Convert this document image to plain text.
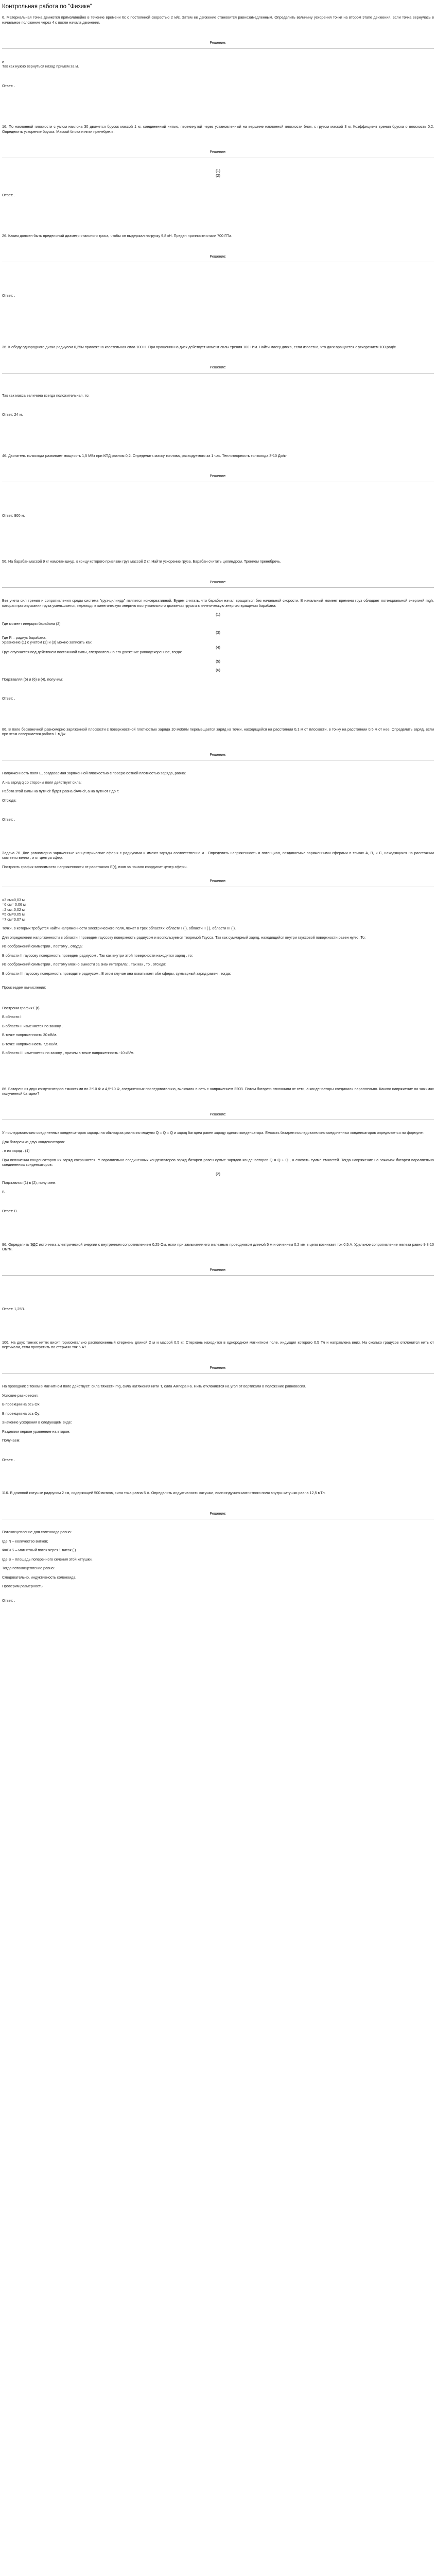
Контрольная работа по "Физике"

6. Материальная точка движется прямолинейно в течение времени 6с с постоянной скоростью 2 м/с. Затем ее движение становится равнозамедленным. Определить величину ускорения точки на втором этапе движения, если точка вернулась в начальное положение через 4 с после начала движения.

Решение:

и

Так как нужно вернуться назад примем за м.

Ответ: .

16. По наклонной плоскости с углом наклона 30 движется брусок массой 1 кг, соединенный нитью, перекинутой через установленный на вершине наклонной плоскости блок, с грузом массой 3 кг. Коэффициент трения бруска о плоскость 0,2. Определить ускорение бруска. Массой блока и нити пренебречь.

Решение:

(1)

(2)

Ответ: .

26. Каким должен быть предельный диаметр стального троса, чтобы он выдержал нагрузку 9,8 кН. Предел прочности стали 700 ГПа.

Решение:

Ответ: .

36. К ободу однородного диска радиусом 0,25м приложена касательная сила 100 Н. При вращении на диск действует момент силы трения 100 Н*м. Найти массу диска, если известно, что диск вращается с ускорением 100 рад/с .

Решение:

Так как масса величина всегда положительная, то:

Ответ: 24 кг.

46. Двигатель толкохода развивает мощность 1,5 МВт при КПД равном 0,2. Определить массу топлива, расходуемого за 1 час. Теплотворность толкохода 3*10 Дж/кг.

Решение:

Ответ: 900 кг.

56. На барабан массой 9 кг намотан шнур, к концу которого привязан груз массой 2 кг. Найти ускорение груза. Барабан считать цилиндром. Трением пренебречь.

Решение:

Без учета сил трения и сопротивления среды система "груз-цилиндр" является консервативной. Будем считать, что барабан начал вращаться без начальной скорости. В начальный момент времени груз обладает потенциальной энергией mgh, которая при опускании груза уменьшается, переходя в кинетическую энергию поступательного движения груза и в кинетическую энергию вращения барабана:

(1)

Где момент инерции барабана (2)

(3)

Где R – радиус барабана.

Уравнение (1) с учетом (2) и (3) можно записать как:

(4)

Груз опускается под действием постоянной силы, следовательно его движение равноускоренное, тогда:

(5)

(6)

Подставляя (5) и (6) в (4), получим:

Ответ: .

86. В поле бесконечной равномерно заряженной плоскости с поверхностной плотностью заряда 10 мкКл/м перемещается заряд из точки, находящейся на расстоянии 0,1 м от плоскости, в точку на расстоянии 0,5 м от нее. Определить заряд, если при этом совершается работа 1 мДж.

Решение:

Напряженность поля Е, создаваемая заряженной плоскостью с поверхностной плотностью заряда, равна:

А на заряд q со стороны поля действует сила:

Работа этой силы на пути dr будет равна dA=Fdr, а на пути от r до r:

Отсюда:

Ответ: .

Задача 76. Две равномерно заряженные концентрические сферы с радиусами и имеют заряды соответственно и . Определить напряженность и потенциал, создаваемые заряженными сферами в точках А, В, и С, находящихся на расстоянии соответственно , и от центра сфер.

Построить график зависимости напряженности от расстояния E(r), взяв за начало координат центр сферы.

Решение:

=3 см=0,03 м

=6 см= 0,06 м

=2 см=0,02 м

=5 см=0,05 м

=7 см=0,07 м

Точки, в которых требуется найти напряженности электрического поля, лежат в трех областях: области I ( ), области II ( ), области III ( ).

Для определения напряженности в области I проведем гауссову поверхность радиусом и воспользуемся теоремой Гаусса. Так как суммарный заряд, находящийся внутри гауссовой поверхности равен нулю. То:

Из соображений симметрии , поэтому , откуда:

В области II гауссову поверхность проведем радиусом . Так как внутри этой поверхности находится заряд , то:

Из соображений симметрии , поэтому можно вынести за знак интеграла: . Так как , то , отсюда:

В области III гауссову поверхность проводите радиусом . В этом случае она охватывает обе сферы, суммарный заряд равен , тогда:

Произведем вычисления:

Построим график E(r).

В области I:

В области II изменяется по закону .

В точке напряженность 30 кВ/м.

В точке напряженность 7,5 кВ/м.

В области III изменяется по закону , причем в точке напряженность -10 кВ/м.

86. Батарею из двух конденсаторов емкостями по 3*10 Ф и 4,5*10 Ф, соединенных последовательно, включили в сеть с напряжением 220В. Потом батарею отключили от сети, а конденсаторы соединили параллельно. Каково напряжение на зажимах полученной батареи?

Решение:

У последовательно соединенных конденсаторов заряды на обкладках равны по модулю Q = Q = Q и заряд батареи равен заряду одного конденсатора. Емкость батареи последовательно соединенных конденсаторов определяется по формуле:

Для батареи из двух конденсаторов:

. в их заряд . (1)

При включении конденсаторов их заряд сохраняется. У параллельно соединенных конденсаторов заряд батареи равен сумме зарядов конденсаторов Q = Q + Q , а емкость сумме емкостей. Тогда напряжение на зажимах батареи параллельно соединенных конденсаторов:

(2)

Подставляя (1) в (2), получаем:

В .

Ответ: В.

96. Определить ЭДС источника электрической энергии с внутренним сопротивлением 0,25 Ом, если при замыкании его железным проводником длиной 5 м и сечением 0,2 мм в цепи возникает ток 0,5 А. Удельное сопротивление железа равно 9,8·10 Ом*м.

Решение:

Ответ: 1,25В.

106. На двух тонких нитях висит горизонтально расположенный стержень длиной 2 м и массой 0,5 кг. Стержень находится в однородном магнитном поле, индукция которого 0,5 Тл и направлена вниз. На сколько градусов отклонится нить от вертикали, если пропустить по стержню ток 5 А?

Решение:

На проводник с током в магнитном поле действует: сила тяжести mg, сила натяжения нити T, сила Ампера Fa. Нить отклоняется на угол от вертикали в положение равновесия.

Условие равновесия:

В проекции на ось Ox:

В проекции на ось Oy:

Значение ускорения в следующем виде:

Разделим первое уравнение на второе:

Получаем:

Ответ: .

116. В длинной катушке радиусом 2 см, содержащей 500 витков, сила тока равна 5 А. Определить индуктивность катушки, если индукция магнитного поля внутри катушки равна 12,5 мТл.

Решение:

Потокосцепление для соленоида равно:

где N – количество витков;

Φ=BⱠS – магнитный поток через 1 виток ( )

где S – площадь поперечного сечения этой катушки.

Тогда потокосцепление равно:

Следовательно, индуктивность соленоида:

Проверим размерность:

Ответ: .
